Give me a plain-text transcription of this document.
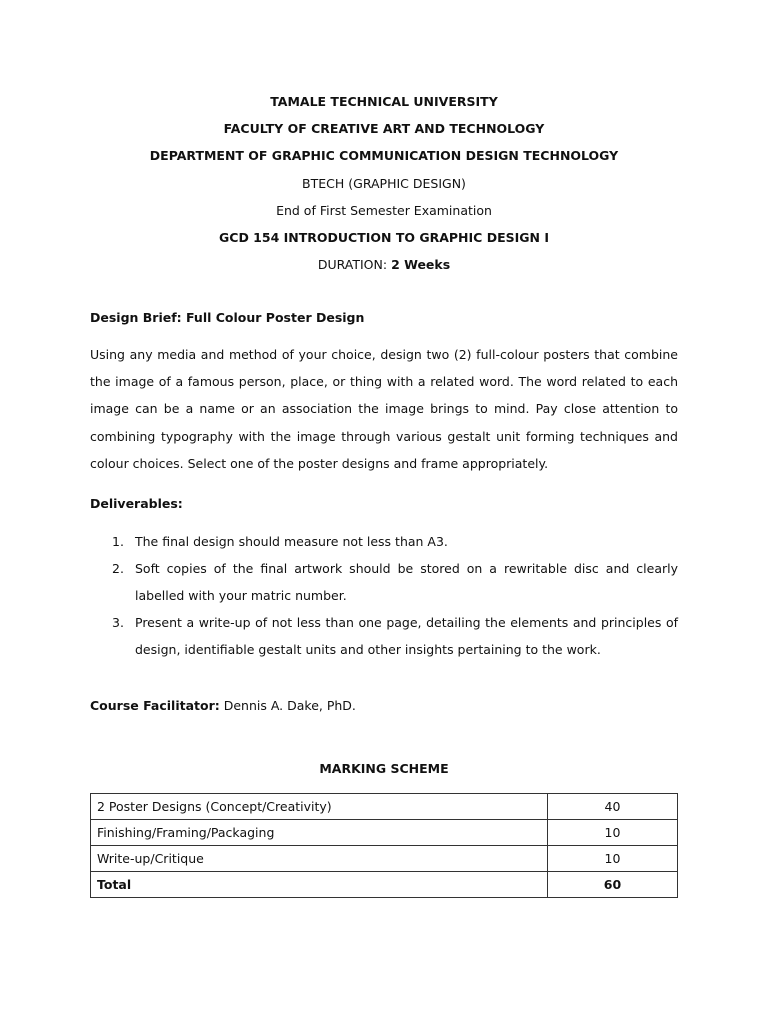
TAMALE TECHNICAL UNIVERSITY
FACULTY OF CREATIVE ART AND TECHNOLOGY
DEPARTMENT OF GRAPHIC COMMUNICATION DESIGN TECHNOLOGY
BTECH (GRAPHIC DESIGN)
End of First Semester Examination
GCD 154 INTRODUCTION TO GRAPHIC DESIGN I
DURATION: 2 Weeks
Design Brief: Full Colour Poster Design
Using any media and method of your choice, design two (2) full-colour posters that combine the image of a famous person, place, or thing with a related word. The word related to each image can be a name or an association the image brings to mind. Pay close attention to combining typography with the image through various gestalt unit forming techniques and colour choices. Select one of the poster designs and frame appropriately.
Deliverables:
1. The final design should measure not less than A3.
2. Soft copies of the final artwork should be stored on a rewritable disc and clearly labelled with your matric number.
3. Present a write-up of not less than one page, detailing the elements and principles of design, identifiable gestalt units and other insights pertaining to the work.
Course Facilitator: Dennis A. Dake, PhD.
MARKING SCHEME
2 Poster Designs (Concept/Creativity)	40
Finishing/Framing/Packaging	10
Write-up/Critique	10
Total	60
